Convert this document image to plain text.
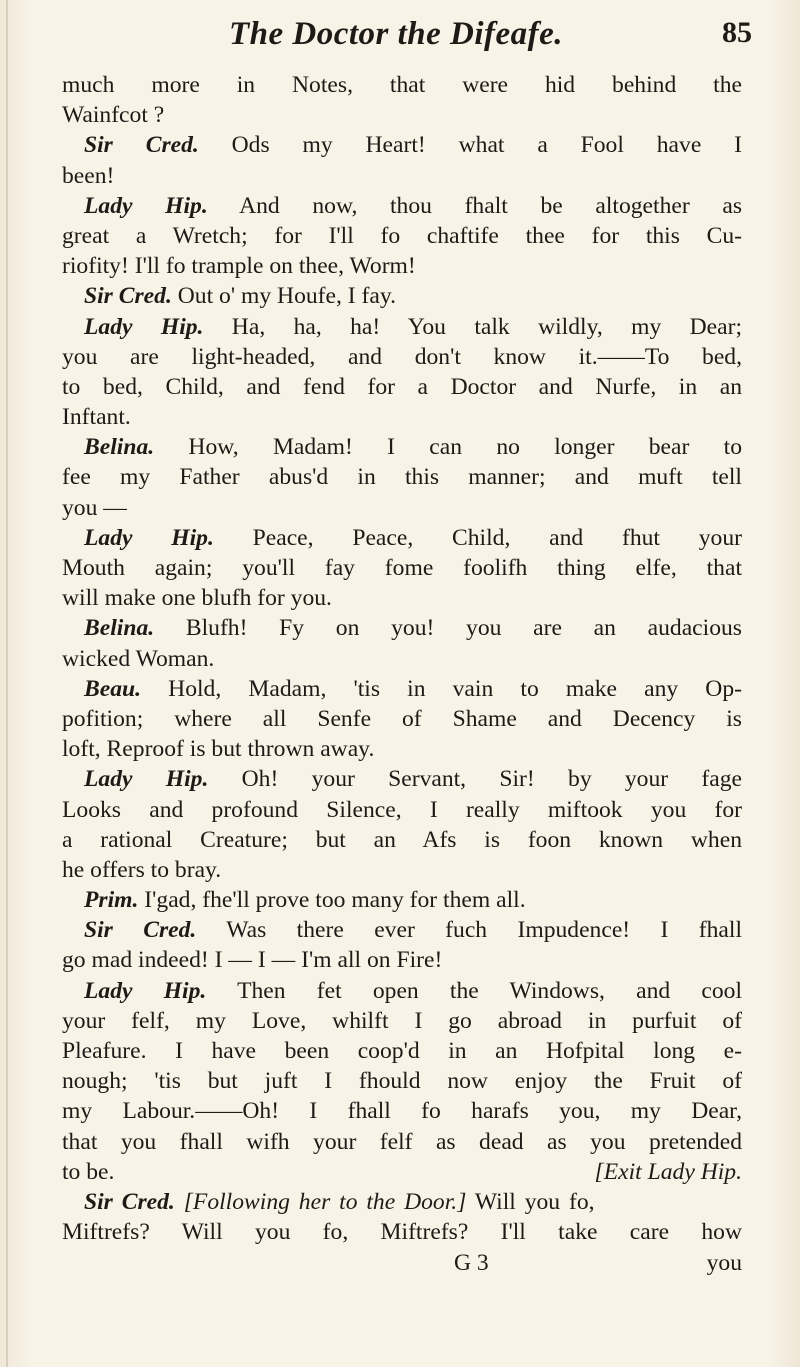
The Doctor the Difeafe.	85
much more in Notes, that were hid behind the
Wainfcot ?
Sir Cred. Ods my Heart! what a Fool have I
been!
Lady Hip. And now, thou fhalt be altogether as
great a Wretch; for I'll fo chaftife thee for this Cu-
riofity! I'll fo trample on thee, Worm!
Sir Cred. Out o' my Houfe, I fay.
Lady Hip. Ha, ha, ha! You talk wildly, my Dear;
you are light-headed, and don't know it.——To bed,
to bed, Child, and fend for a Doctor and Nurfe, in an
Inftant.
Belina. How, Madam! I can no longer bear to
fee my Father abus'd in this manner; and muft tell
you —
Lady Hip. Peace, Peace, Child, and fhut your
Mouth again; you'll fay fome foolifh thing elfe, that
will make one blufh for you.
Belina. Blufh! Fy on you! you are an audacious
wicked Woman.
Beau. Hold, Madam, 'tis in vain to make any Op-
pofition; where all Senfe of Shame and Decency is
loft, Reproof is but thrown away.
Lady Hip. Oh! your Servant, Sir! by your fage
Looks and profound Silence, I really miftook you for
a rational Creature; but an Afs is foon known when
he offers to bray.
Prim. I'gad, fhe'll prove too many for them all.
Sir Cred. Was there ever fuch Impudence! I fhall
go mad indeed! I — I — I'm all on Fire!
Lady Hip. Then fet open the Windows, and cool
your felf, my Love, whilft I go abroad in purfuit of
Pleafure. I have been coop'd in an Hofpital long e-
nough; 'tis but juft I fhould now enjoy the Fruit of
my Labour.——Oh! I fhall fo harafs you, my Dear,
that you fhall wifh your felf as dead as you pretended
to be.	[Exit Lady Hip.
Sir Cred. [Following her to the Door.] Will you fo,
Miftrefs? Will you fo, Miftrefs? I'll take care how
G 3	you
